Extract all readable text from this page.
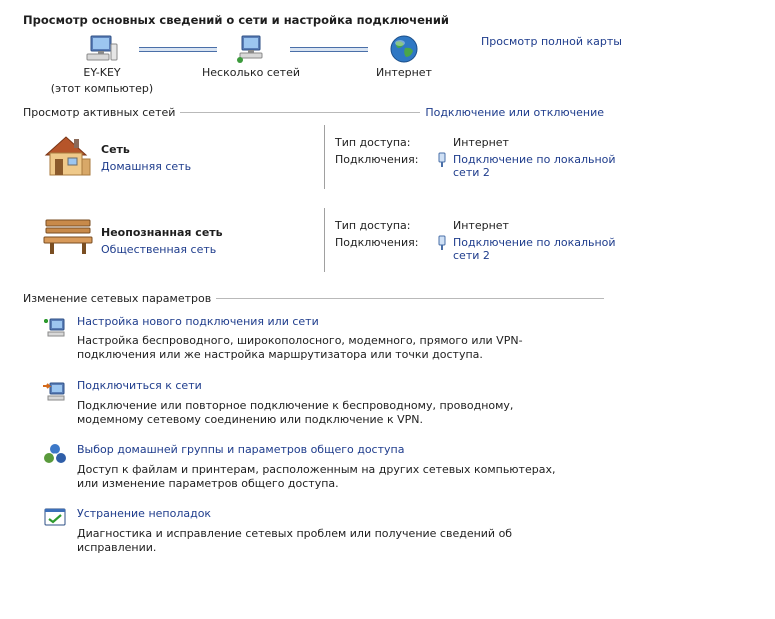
Просмотр основных сведений о сети и настройка подключений
Просмотр полной карты
EY-KEY
(этот компьютер)
Несколько сетей	Интернет
Просмотр активных сетей	Подключение или отключение
Сеть
Домашняя сеть
Тип доступа:	Интернет
Подключения:	Подключение по локальной
сети 2
Неопознанная сеть
Общественная сеть
Тип доступа:	Интернет
Подключения:	Подключение по локальной
сети 2
Изменение сетевых параметров
Настройка нового подключения или сети
Настройка беспроводного, широкополосного, модемного, прямого или VPN-подключения или же настройка маршрутизатора или точки доступа.
Подключиться к сети
Подключение или повторное подключение к беспроводному, проводному, модемному сетевому соединению или подключение к VPN.
Выбор домашней группы и параметров общего доступа
Доступ к файлам и принтерам, расположенным на других сетевых компьютерах, или изменение параметров общего доступа.
Устранение неполадок
Диагностика и исправление сетевых проблем или получение сведений об исправлении.
